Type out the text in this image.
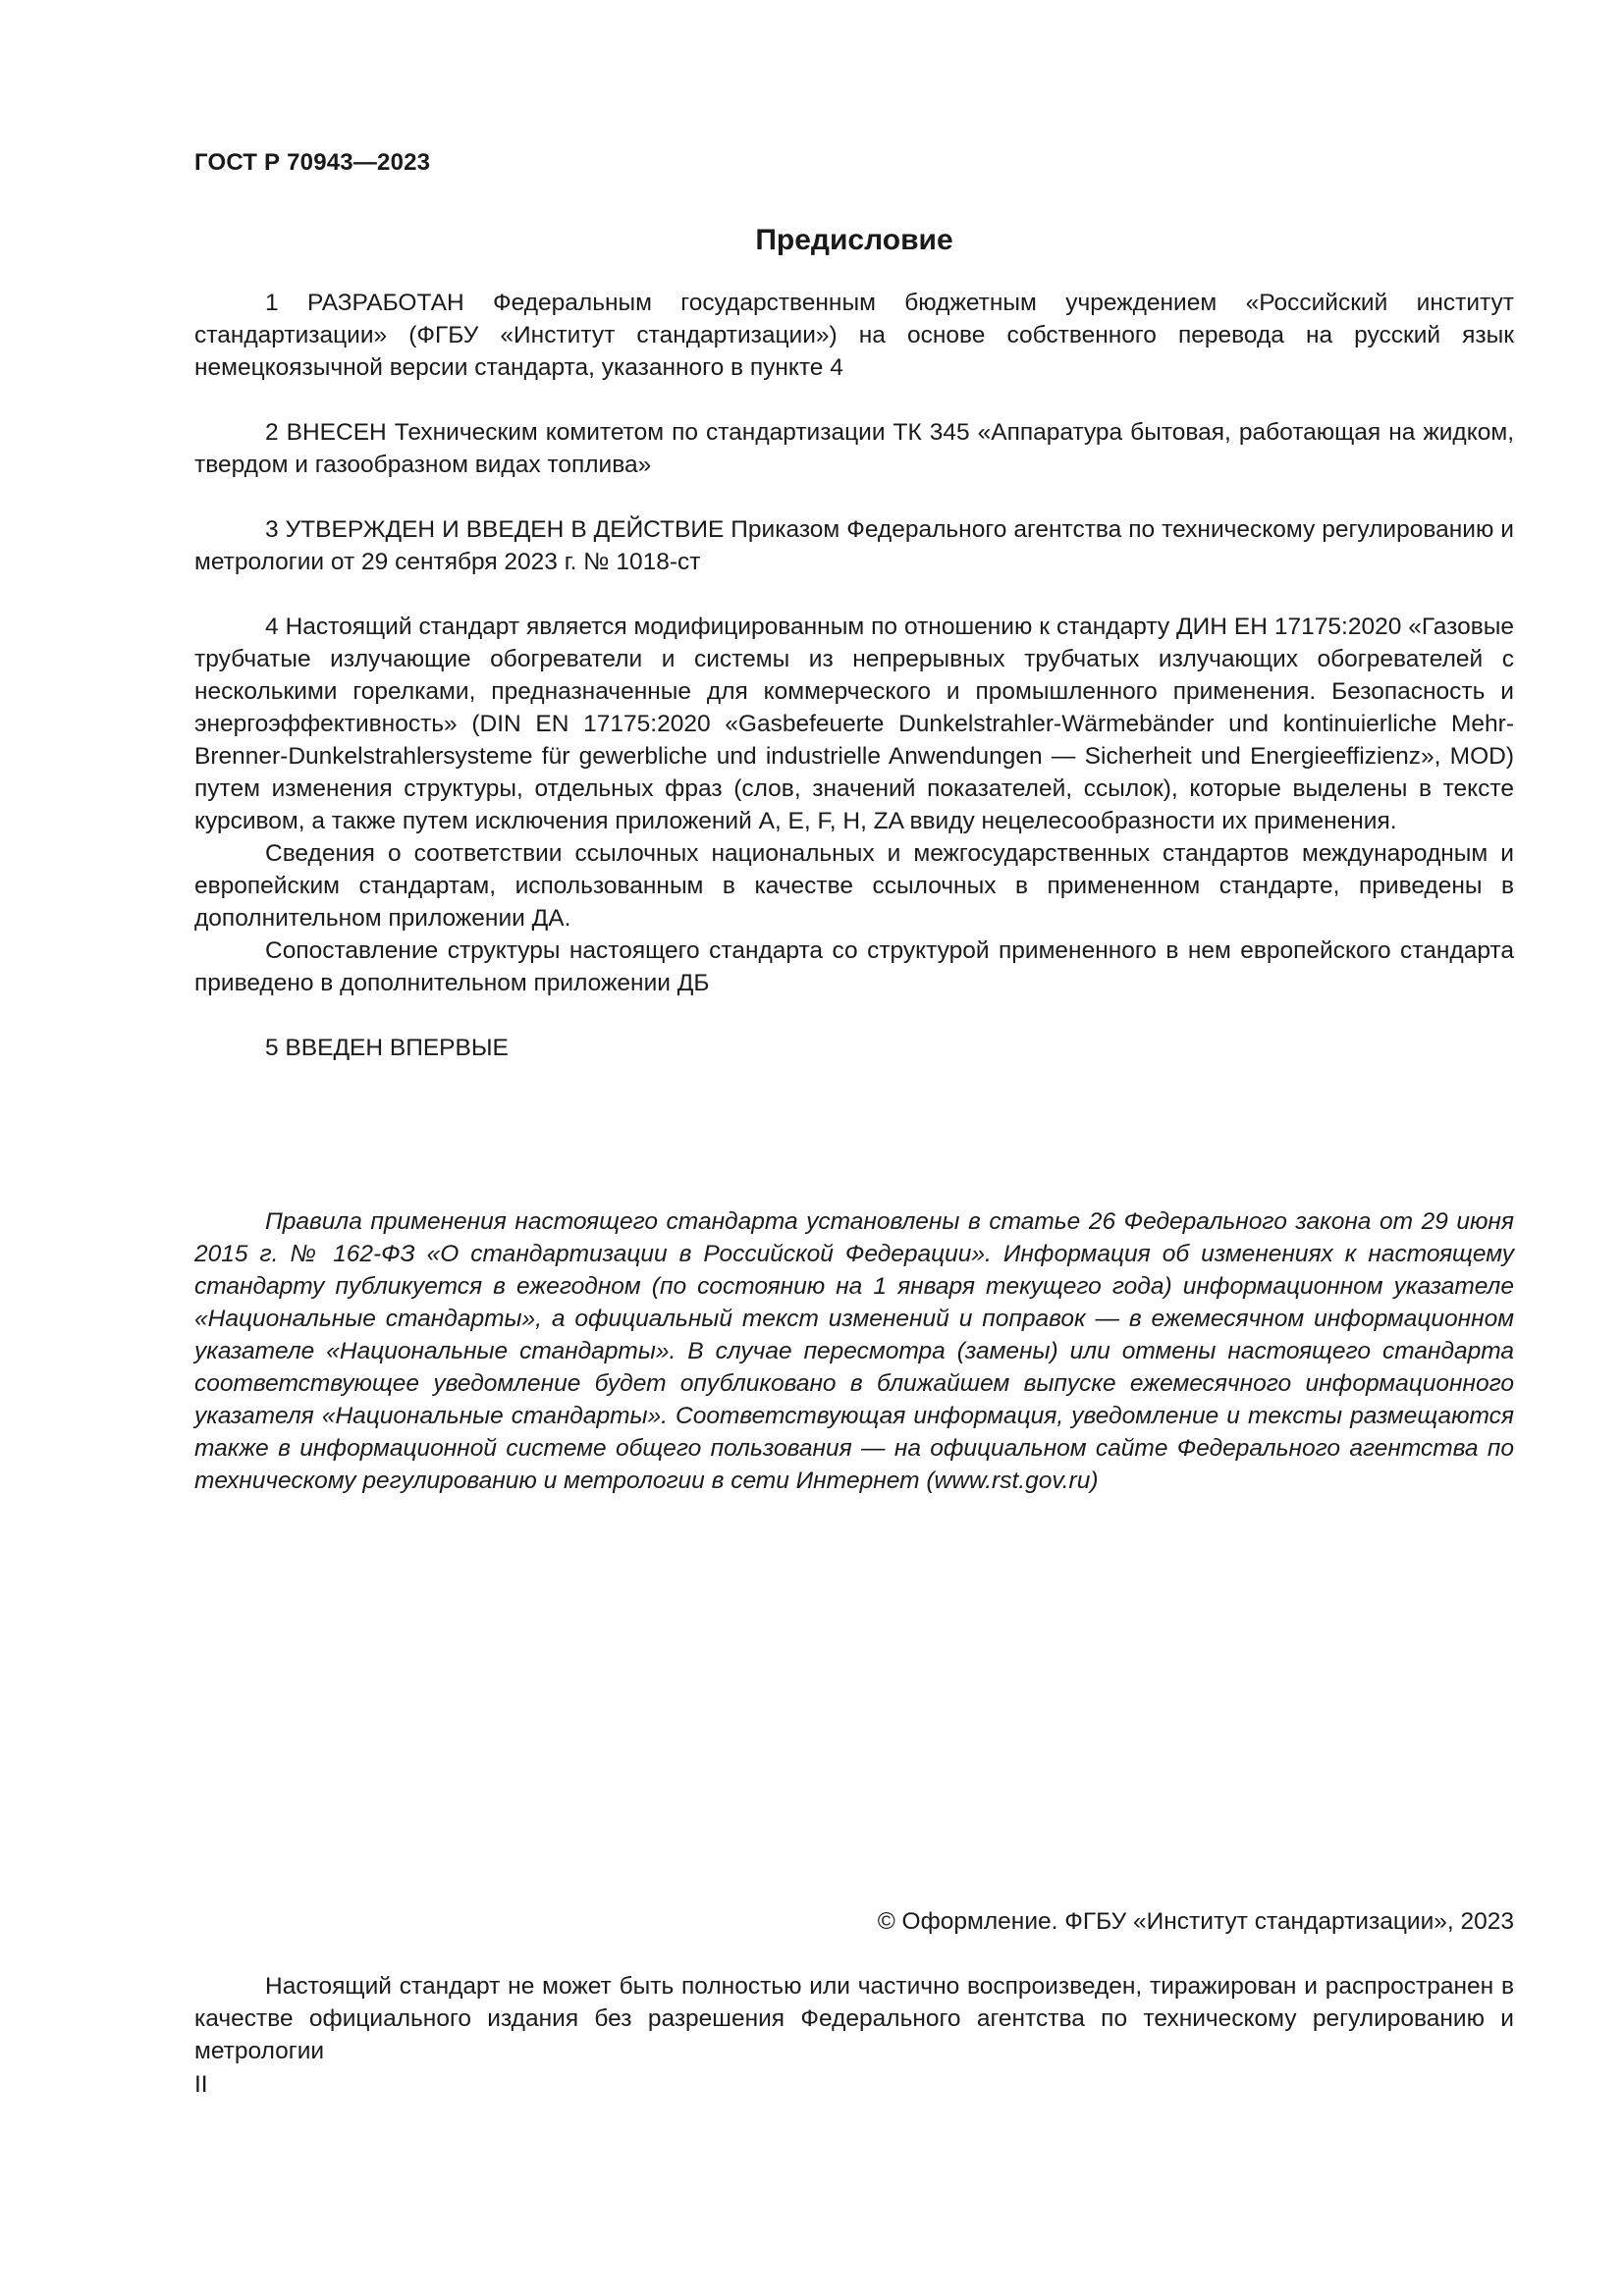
ГОСТ Р 70943—2023
Предисловие

1 РАЗРАБОТАН Федеральным государственным бюджетным учреждением «Российский институт стандартизации» (ФГБУ «Институт стандартизации») на основе собственного перевода на русский язык немецкоязычной версии стандарта, указанного в пункте 4

2 ВНЕСЕН Техническим комитетом по стандартизации ТК 345 «Аппаратура бытовая, работающая на жидком, твердом и газообразном видах топлива»

3 УТВЕРЖДЕН И ВВЕДЕН В ДЕЙСТВИЕ Приказом Федерального агентства по техническому регулированию и метрологии от 29 сентября 2023 г. № 1018-ст

4 Настоящий стандарт является модифицированным по отношению к стандарту ДИН ЕН 17175:2020 «Газовые трубчатые излучающие обогреватели и системы из непрерывных трубчатых излучающих обогревателей с несколькими горелками, предназначенные для коммерческого и промышленного применения. Безопасность и энергоэффективность» (DIN EN 17175:2020 «Gasbefeuerte Dunkelstrahler-Wärmebänder und kontinuierliche Mehr-Brenner-Dunkelstrahlersysteme für gewerbliche und industrielle Anwendungen — Sicherheit und Energieeffizienz», MOD) путем изменения структуры, отдельных фраз (слов, значений показателей, ссылок), которые выделены в тексте курсивом, а также путем исключения приложений A, E, F, H, ZA ввиду нецелесообразности их применения.

Сведения о соответствии ссылочных национальных и межгосударственных стандартов международным и европейским стандартам, использованным в качестве ссылочных в примененном стандарте, приведены в дополнительном приложении ДА.

Сопоставление структуры настоящего стандарта со структурой примененного в нем европейского стандарта приведено в дополнительном приложении ДБ

5 ВВЕДЕН ВПЕРВЫЕ

Правила применения настоящего стандарта установлены в статье 26 Федерального закона от 29 июня 2015 г. № 162-ФЗ «О стандартизации в Российской Федерации». Информация об изменениях к настоящему стандарту публикуется в ежегодном (по состоянию на 1 января текущего года) информационном указателе «Национальные стандарты», а официальный текст изменений и поправок — в ежемесячном информационном указателе «Национальные стандарты». В случае пересмотра (замены) или отмены настоящего стандарта соответствующее уведомление будет опубликовано в ближайшем выпуске ежемесячного информационного указателя «Национальные стандарты». Соответствующая информация, уведомление и тексты размещаются также в информационной системе общего пользования — на официальном сайте Федерального агентства по техническому регулированию и метрологии в сети Интернет (www.rst.gov.ru)

© Оформление. ФГБУ «Институт стандартизации», 2023

Настоящий стандарт не может быть полностью или частично воспроизведен, тиражирован и распространен в качестве официального издания без разрешения Федерального агентства по техническому регулированию и метрологии

II
